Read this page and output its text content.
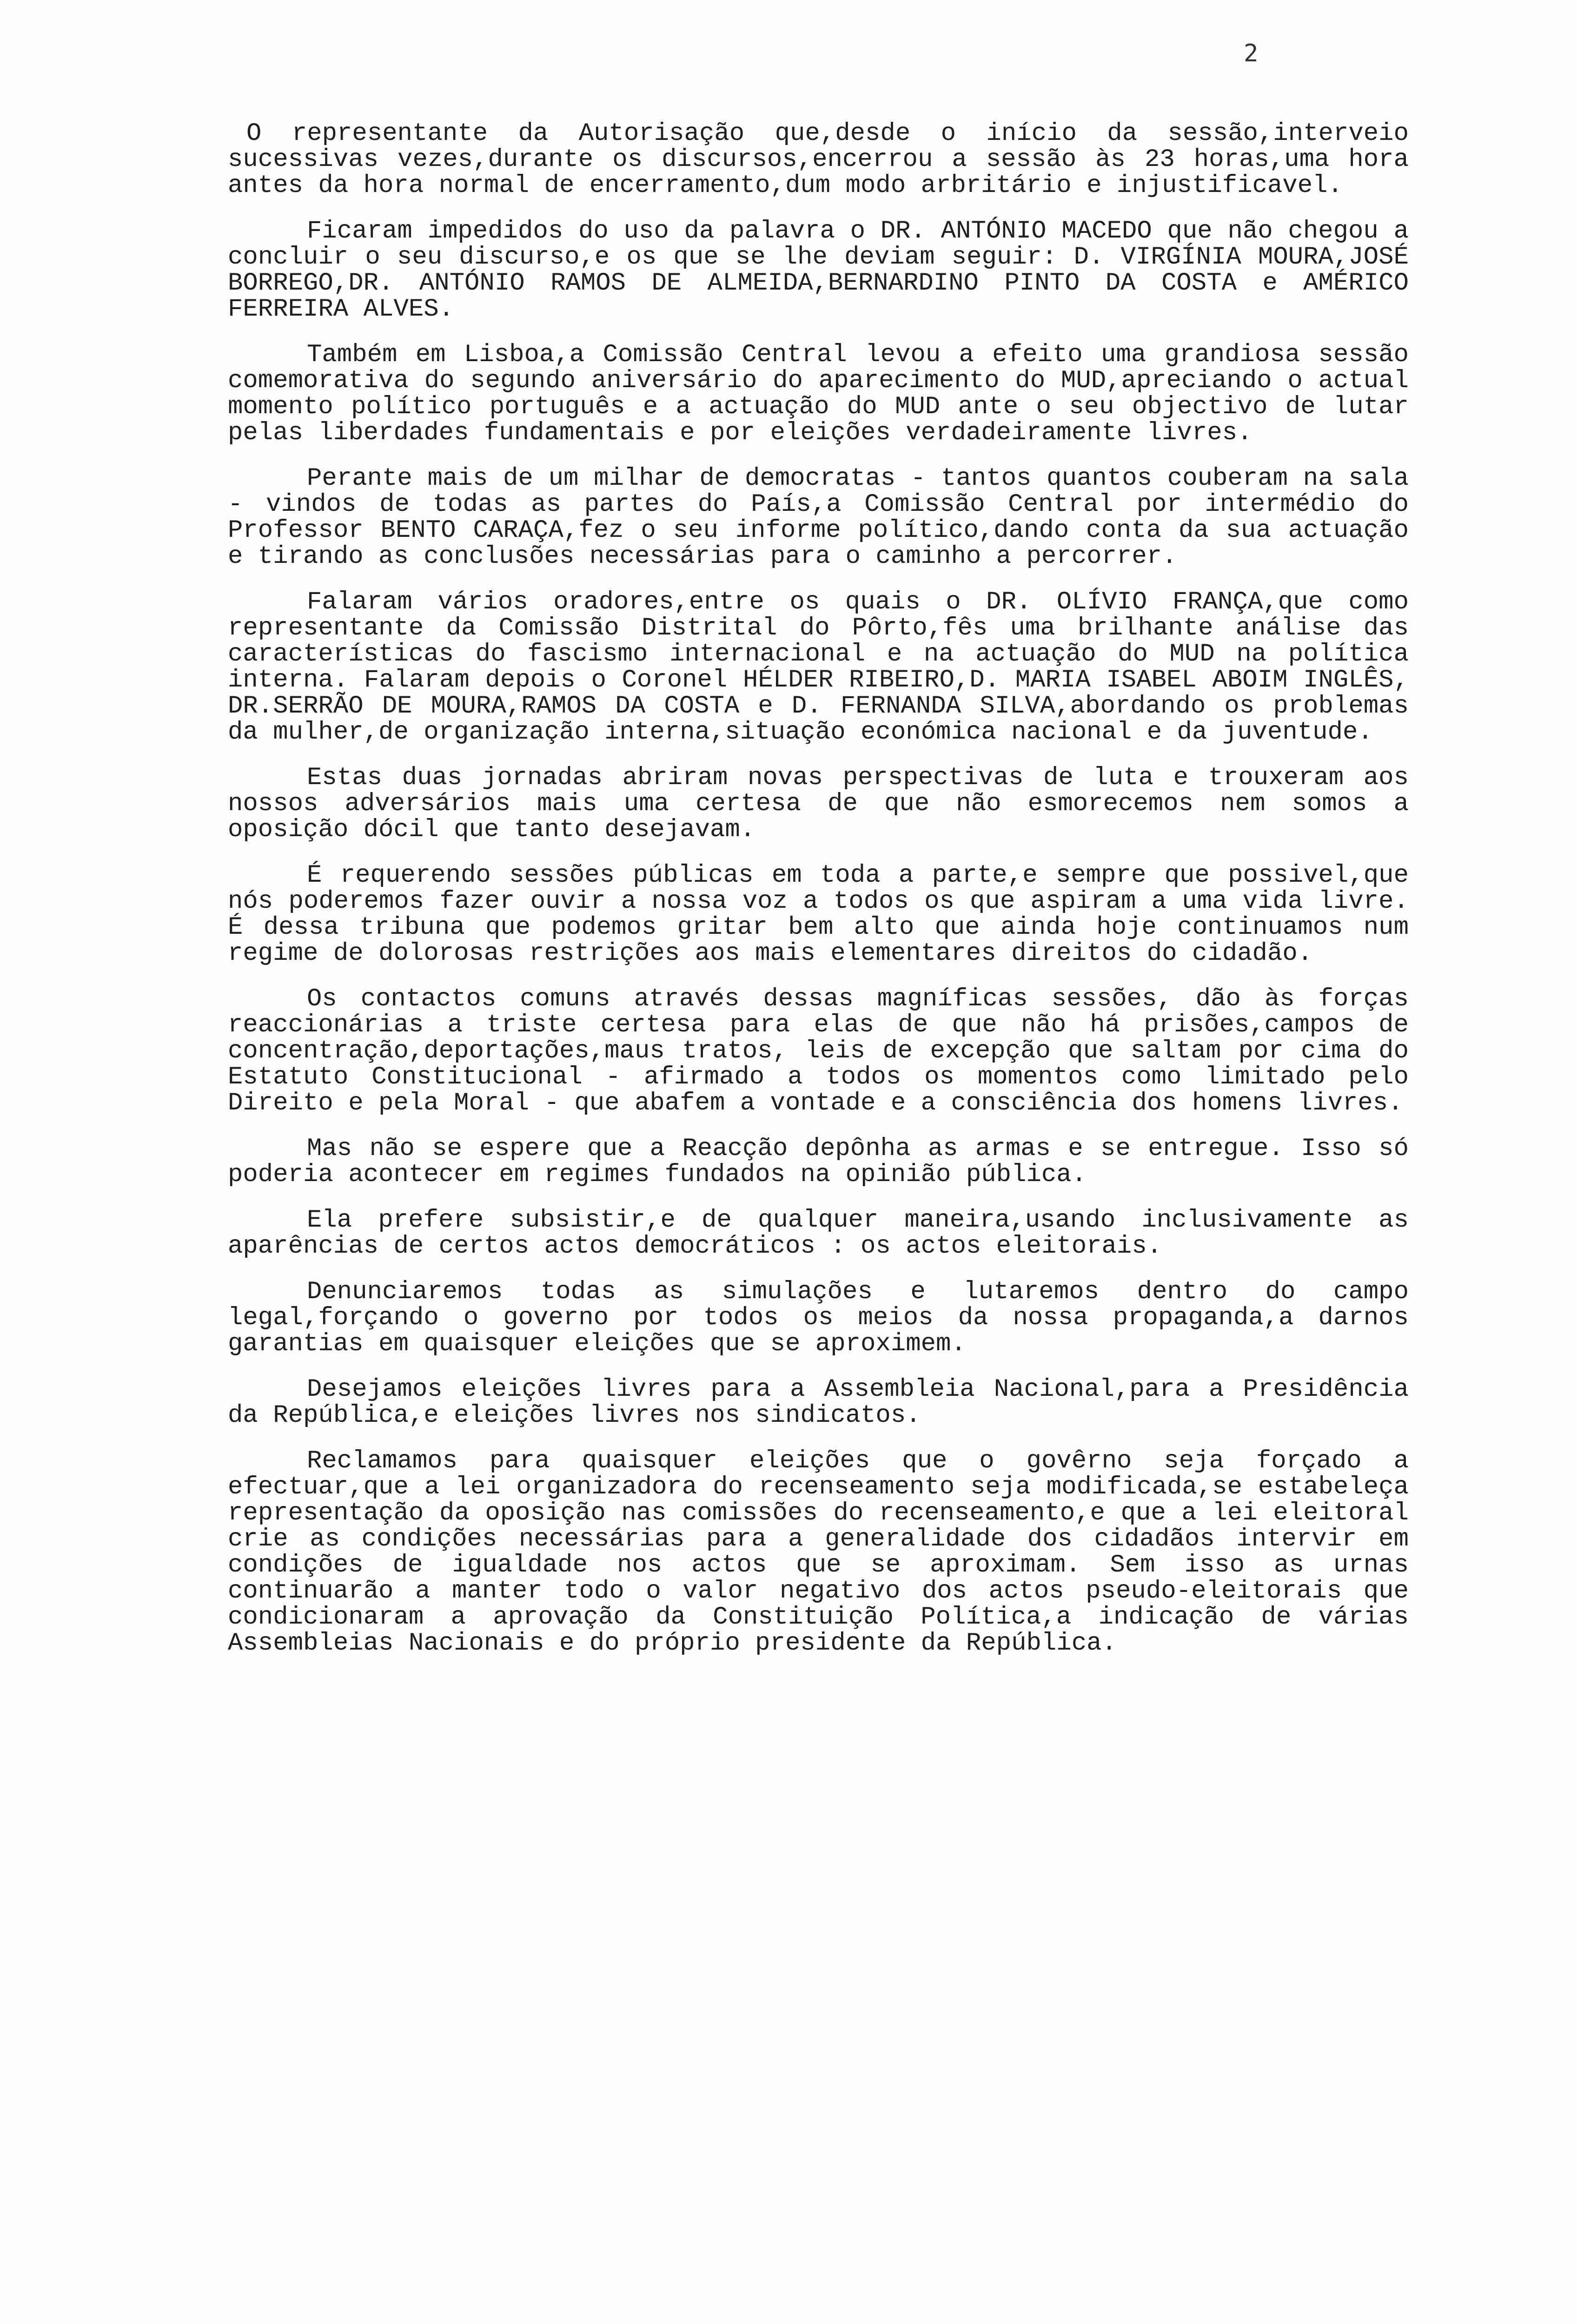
2

O representante da Autorisação que,desde o início da sessão,interveio sucessivas vezes,durante os discursos,encerrou a sessão às 23 horas,uma hora antes da hora normal de encerramento,dum modo arbritário e injustificavel.

Ficaram impedidos do uso da palavra o DR. ANTÓNIO MACEDO que não chegou a concluir o seu discurso,e os que se lhe deviam seguir: D. VIRGÍNIA MOURA,JOSÉ BORREGO,DR. ANTÓNIO RAMOS DE ALMEIDA,BERNARDINO PINTO DA COSTA e AMÉRICO FERREIRA ALVES.

Também em Lisboa,a Comissão Central levou a efeito uma grandiosa sessão comemorativa do segundo aniversário do aparecimento do MUD,apreciando o actual momento político português e a actuação do MUD ante o seu objectivo de lutar pelas liberdades fundamentais e por eleições verdadeiramente livres.

Perante mais de um milhar de democratas - tantos quantos couberam na sala - vindos de todas as partes do País,a Comissão Central por intermédio do Professor BENTO CARAÇA,fez o seu informe político,dando conta da sua actuação e tirando as conclusões necessárias para o caminho a percorrer.

Falaram vários oradores,entre os quais o DR. OLÍVIO FRANÇA,que como representante da Comissão Distrital do Pôrto,fês uma brilhante análise das características do fascismo internacional e na actuação do MUD na política interna. Falaram depois o Coronel HÉLDER RIBEIRO,D. MARIA ISABEL ABOIM INGLÊS, DR.SERRÃO DE MOURA,RAMOS DA COSTA e D. FERNANDA SILVA,abordando os problemas da mulher,de organização interna,situação económica nacional e da juventude.

Estas duas jornadas abriram novas perspectivas de luta e trouxeram aos nossos adversários mais uma certesa de que não esmorecemos nem somos a oposição dócil que tanto desejavam.

É requerendo sessões públicas em toda a parte,e sempre que possivel,que nós poderemos fazer ouvir a nossa voz a todos os que aspiram a uma vida livre. É dessa tribuna que podemos gritar bem alto que ainda hoje continuamos num regime de dolorosas restrições aos mais elementares direitos do cidadão.

Os contactos comuns através dessas magníficas sessões, dão às forças reaccionárias a triste certesa para elas de que não há prisões,campos de concentração,deportações,maus tratos, leis de excepção que saltam por cima do Estatuto Constitucional - afirmado a todos os momentos como limitado pelo Direito e pela Moral - que abafem a vontade e a consciência dos homens livres.

Mas não se espere que a Reacção depônha as armas e se entregue. Isso só poderia acontecer em regimes fundados na opinião pública.

Ela prefere subsistir,e de qualquer maneira,usando inclusivamente as aparências de certos actos democráticos : os actos eleitorais.

Denunciaremos todas as simulações e lutaremos dentro do campo legal,forçando o governo por todos os meios da nossa propaganda,a darnos garantias em quaisquer eleições que se aproximem.

Desejamos eleições livres para a Assembleia Nacional,para a Presidência da República,e eleições livres nos sindicatos.

Reclamamos para quaisquer eleições que o govêrno seja forçado a efectuar,que a lei organizadora do recenseamento seja modificada,se estabeleça representação da oposição nas comissões do recenseamento,e que a lei eleitoral crie as condições necessárias para a generalidade dos cidadãos intervir em condições de igualdade nos actos que se aproximam. Sem isso as urnas continuarão a manter todo o valor negativo dos actos pseudo-eleitorais que condicionaram a aprovação da Constituição Política,a indicação de várias Assembleias Nacionais e do próprio presidente da República.
